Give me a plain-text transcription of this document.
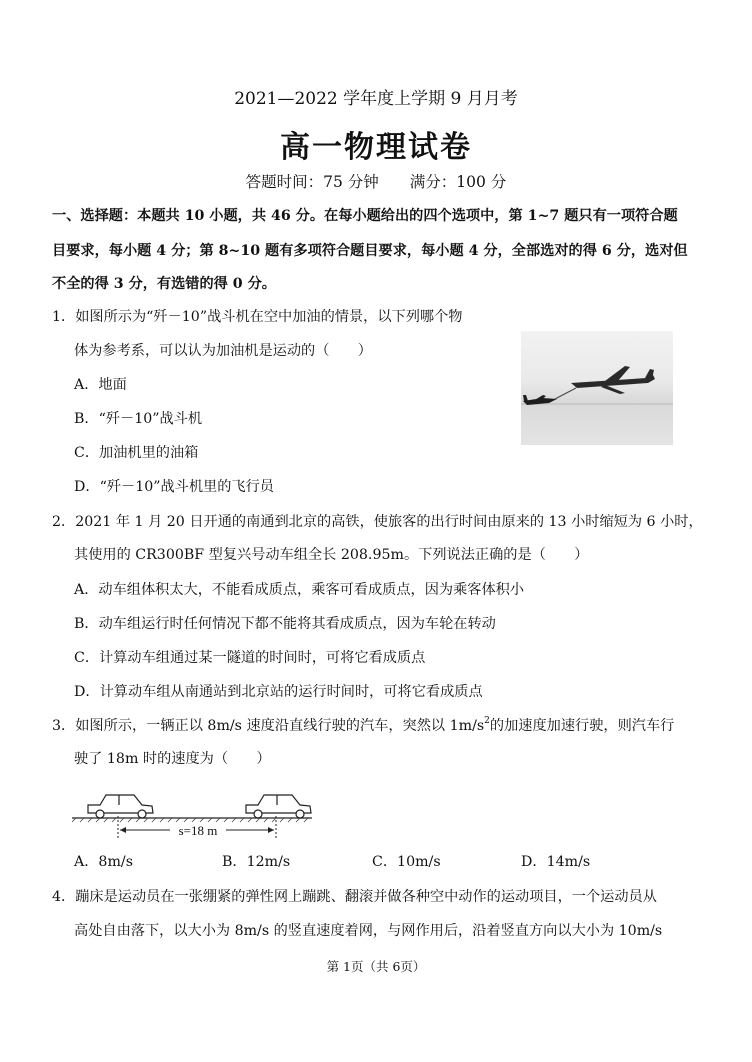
2021—2022 学年度上学期 9 月月考
高一物理试卷
答题时间：75 分钟　　满分：100 分
一、选择题：本题共 10 小题，共 46 分。在每小题给出的四个选项中，第 1~7 题只有一项符合题
目要求，每小题 4 分；第 8~10 题有多项符合题目要求，每小题 4 分，全部选对的得 6 分，选对但
不全的得 3 分，有选错的得 0 分。
1．如图所示为“歼－10”战斗机在空中加油的情景，以下列哪个物
体为参考系，可以认为加油机是运动的（　　）
A．地面
B．“歼－10”战斗机
C．加油机里的油箱
D．“歼－10”战斗机里的飞行员
2．2021 年 1 月 20 日开通的南通到北京的高铁，使旅客的出行时间由原来的 13 小时缩短为 6 小时，
其使用的 CR300BF 型复兴号动车组全长 208.95m。下列说法正确的是（　　）
A．动车组体积太大，不能看成质点，乘客可看成质点，因为乘客体积小
B．动车组运行时任何情况下都不能将其看成质点，因为车轮在转动
C．计算动车组通过某一隧道的时间时，可将它看成质点
D．计算动车组从南通站到北京站的运行时间时，可将它看成质点
3．如图所示，一辆正以 8m/s 速度沿直线行驶的汽车，突然以 $1m/s^2$的加速度加速行驶，则汽车行
驶了 18m 时的速度为（　　）
s=18 m
A．8m/s	B．12m/s	C．10m/s	D．14m/s
4．蹦床是运动员在一张绷紧的弹性网上蹦跳、翻滚并做各种空中动作的运动项目，一个运动员从
高处自由落下，以大小为 8m/s 的竖直速度着网，与网作用后，沿着竖直方向以大小为 10m/s
第 1页（共 6页）
